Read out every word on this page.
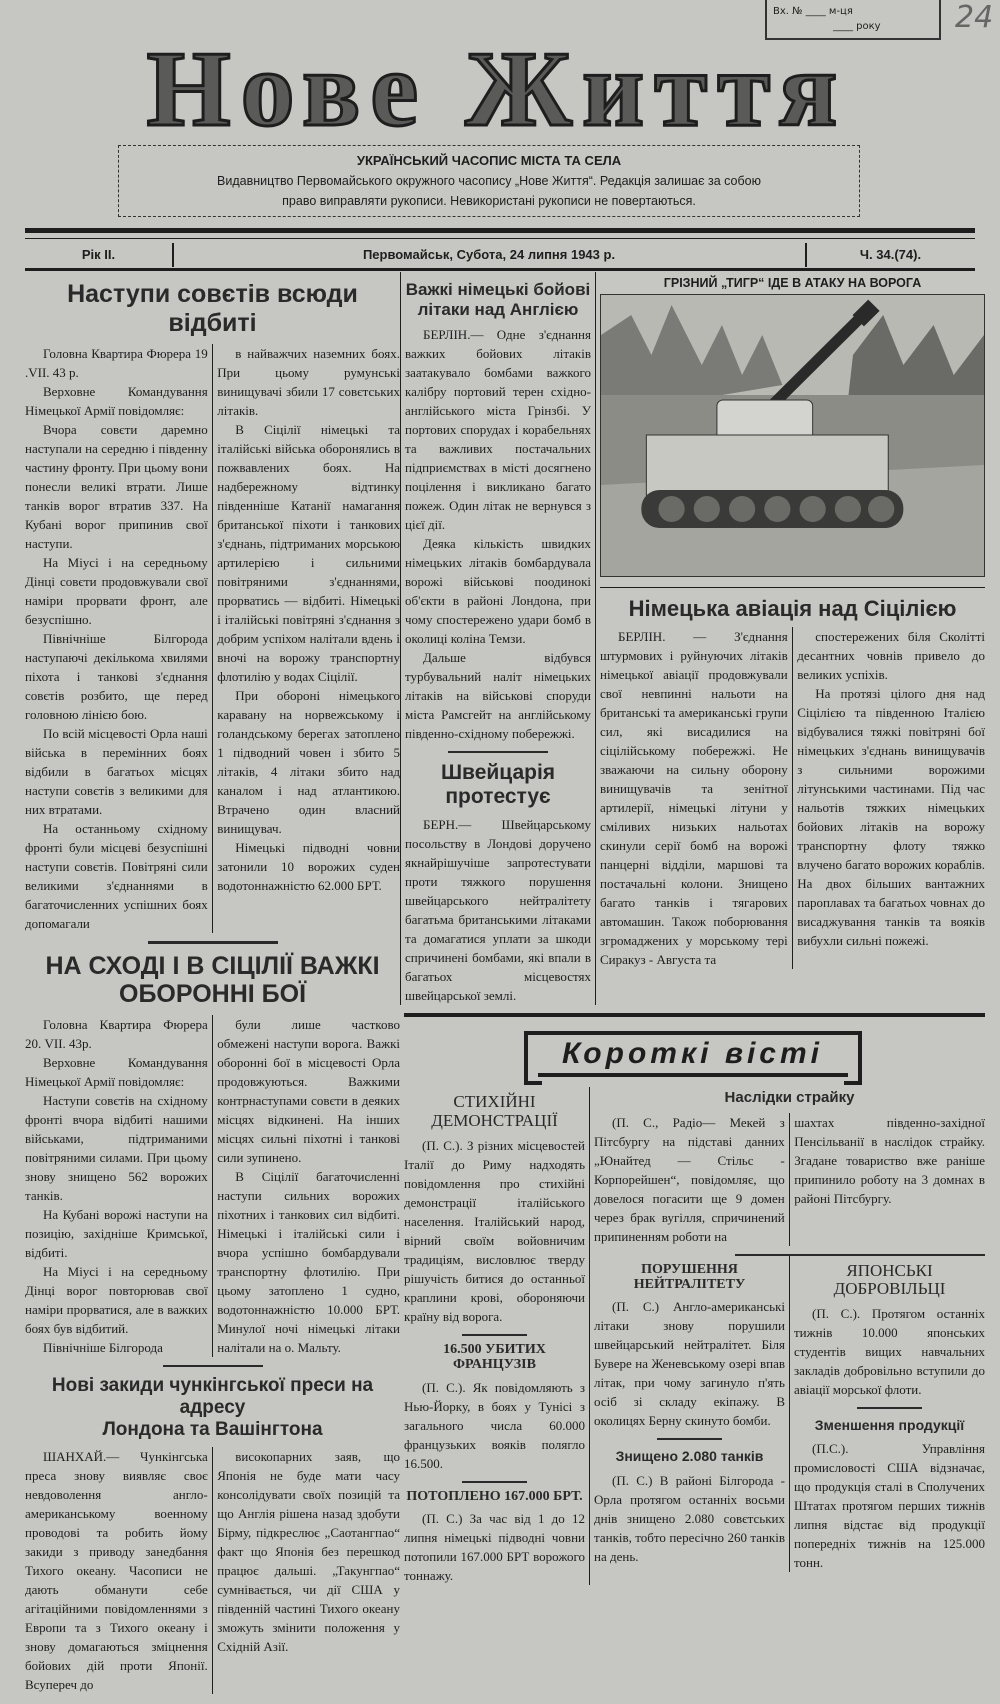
Нове Життя
Вх. № ____ м-ця
____ року	24
УКРАЇНСЬКИЙ ЧАСОПИС МІСТА ТА СЕЛА
Видавництво Первомайського окружного часопису „Нове Життя“. Редакція залишає за собою
право виправляти рукописи. Невикористані рукописи не повертаються.
Рік II.	Первомайськ, Субота, 24 липня 1943 р.	Ч. 34.(74).
Наступи совєтів всюди
відбиті

Головна Квартира Фюрера 19 .VII. 43 р.

Верховне Командування Німецької Армії повідомляє:

Вчора совєти даремно наступали на середню і південну частину фронту. При цьому вони понесли великі втрати. Лише танків ворог втратив 337. На Кубані ворог припинив свої наступи.

На Міусі і на середньому Дінці совєти продовжували свої наміри прорвати фронт, але безуспішно.

Північніше Білгорода наступаючі декількома хвилями піхота і танкові з'єднання совєтів розбито, ще перед головною лінією бою.

По всій місцевості Орла наші війська в перемінних боях відбили в багатьох місцях наступи совєтів з великими для них втратами.

На останньому східному фронті були місцеві безуспішні наступи совєтів. Повітряні сили великими з'єднаннями в багаточисленних успішних боях допомагали

в найважчих наземних боях. При цьому румунські винищувачі збили 17 совєтських літаків.

В Сіцілії німецькі та італійські війська оборонялись в пожвавлених боях. На надбережному відтинку південніше Катанії намагання британської піхоти і танкових з'єднань, підтриманих морською артилерією і сильними повітряними з'єднаннями, прорватись — відбиті. Німецькі і італійські повітряні з'єднання з добрим успіхом налітали вдень і вночі на ворожу транспортну флотилію у водах Сіцілії.

При обороні німецького каравану на норвежському і голандському берегах затоплено 1 підводний човен і збито 5 літаків, 4 літаки збито над каналом і над атлантикою. Втрачено один власний винищувач.

Німецькі підводні човни затонили 10 ворожих суден водотоннажністю 62.000 БРТ.

НА СХОДІ І В СІЦІЛІЇ ВАЖКІ
ОБОРОННІ БОЇ

Головна Квартира Фюрера 20. VII. 43р.

Верховне Командування Німецької Армії повідомляє:

Наступи совєтів на східному фронті вчора відбиті нашими військами, підтриманими повітряними силами. При цьому знову знищено 562 ворожих танків.

На Кубані ворожі наступи на позицію, західніше Кримської, відбиті.

На Міусі і на середньому Дінці ворог повторював свої наміри прорватися, але в важких боях був відбитий.

Північніше Білгорода

були лише частково обмежені наступи ворога. Важкі оборонні бої в місцевості Орла продовжуються. Важкими контрнаступами совєти в деяких місцях відкинені. На інших місцях сильні піхотні і танкові сили зупинено.

В Сіцілії багаточисленні наступи сильних ворожих піхотних і танкових сил відбиті. Німецькі і італійські сили і вчора успішно бомбардували транспортну флотилію. При цьому затоплено 1 судно, водотоннажністю 10.000 БРТ. Минулої ночі німецькі літаки налітали на о. Мальту.

Нові закиди чункінгської преси на адресу
Лондона та Вашінгтона

ШАНХАЙ.— Чункінгська преса знову виявляє своє невдоволення англо-американському военному проводові та робить йому закиди з приводу занедбання Тихого океану. Часописи не дають обманути себе агітаційними повідомленнями з Европи та з Тихого океану і знову домагаються зміцнення бойових дій проти Японії. Всупереч до

високопарних заяв, що Японія не буде мати часу консолідувати своїх позицій та що Англія рішена назад здобути Бірму, підкреслює „Саотангпао“ факт що Японія без перешкод працює дальші. „Такунгпао“ сумнівається, чи дії США у південній частині Тихого океану зможуть змінити положення у Східній Азії.

Важкі німецькі бойові
літаки над Англією

БЕРЛІН.— Одне з'єднання важких бойових літаків заатакувало бомбами важкого калібру портовий терен східно-англійського міста Грінзбі. У портових спорудах і корабельнях та важливих постачальних підприємствах в місті досягнено поцілення і викликано багато пожеж. Один літак не вернувся з цієї дії.

Деяка кількість швидких німецьких літаків бомбардувала ворожі військові поодинокі об'єкти в районі Лондона, при чому спостережено удари бомб в околиці коліна Темзи.

Дальше відбувся турбувальний наліт німецьких літаків на військові споруди міста Рамсгейт на англійському південно-східному побережжі.

Швейцарія
протестує

БЕРН.— Швейцарському посольству в Лондові доручено якнайрішучіше запротестувати проти тяжкого порушення швейцарського нейтралітету багатьма британськими літаками та домагатися уплати за шкоди спричинені бомбами, які впали в багатьох місцевостях швейцарської землі.

ГРІЗНИЙ „ТИГР“ ІДЕ В АТАКУ НА ВОРОГА
Німецька авіація над Сіцілією

БЕРЛІН. — З'єднання штурмових і руйнуючих літаків німецької авіації продовжували свої невпинні нальоти на британські та американські групи сил, які висадилися на сіцілійському побережжі. Не зважаючи на сильну оборону винищувачів та зенітної артилерії, німецькі літуни у сміливих низьких нальотах скинули серії бомб на ворожі панцерні відділи, маршові та постачальні колони. Знищено багато танків і тягарових автомашин. Також поборювання згромаджених у морському тері Сиракуз - Августа та

спостережених біля Сколітті десантних човнів привело до великих успіхів.

На протязі цілого дня над Сіцілією та південною Італією відбувалися тяжкі повітряні бої німецьких з'єднань винищувачів з сильними ворожими літунськими частинами. Під час нальотів тяжких німецьких бойових літаків на ворожу транспортну флоту тяжко влучено багато ворожих кораблів. На двох більших вантажних пароплавах та багатьох човнах до висаджування танків та вояків вибухли сильні пожежі.

Короткі вісті
СТИХІЙНІ
ДЕМОНСТРАЦІЇ

(П. С.). З різних місцевостей Італії до Риму надходять повідомлення про стихійні демонстрації італійського населення. Італійський народ, вірний своїм войовничим традиціям, висловлює тверду рішучість битися до останньої краплини крові, обороняючи країну від ворога.

16.500 УБИТИХ
ФРАНЦУЗІВ

(П. С.). Як повідомляють з Нью-Йорку, в боях у Тунісі з загального числа 60.000 французьких вояків полягло 16.500.

ПОТОПЛЕНО 167.000 БРТ.

(П. С.) За час від 1 до 12 липня німецькі підводні човни потопили 167.000 БРТ ворожого тоннажу.

Наслідки страйку

(П. С., Радіо— Мекей з Пітсбургу на підставі данних „Юнайтед — Стільс - Корпорейшен“, повідомляє, що довелося погасити ще 9 домен через брак вугілля, спричинений припиненням роботи на

шахтах південно-західної Пенсільванії в наслідок страйку. Згадане товариство вже раніше припинило роботу на 3 домнах в районі Пітсбургу.

ПОРУШЕННЯ
НЕЙТРАЛІТЕТУ

(П. С.) Англо-американські літаки знову порушили швейцарський нейтралітет. Біля Бувере на Женевському озері впав літак, при чому загинуло п'ять осіб зі складу екіпажу. В околицях Берну скинуто бомби.

Знищено 2.080 танків

(П. С.) В районі Білгорода - Орла протягом останніх восьми днів знищено 2.080 совєтських танків, тобто пересічно 260 танків на день.

ЯПОНСЬКІ
ДОБРОВІЛЬЦІ

(П. С.). Протягом останніх тижнів 10.000 японських студентів вищих навчальних закладів добровільно вступили до авіації морської флоти.

Зменшення продукції

(П.С.). Управління промисловості США відзначає, що продукція сталі в Сполучених Штатах протягом перших тижнів липня відстає від продукції попередніх тижнів на 125.000 тонн.
